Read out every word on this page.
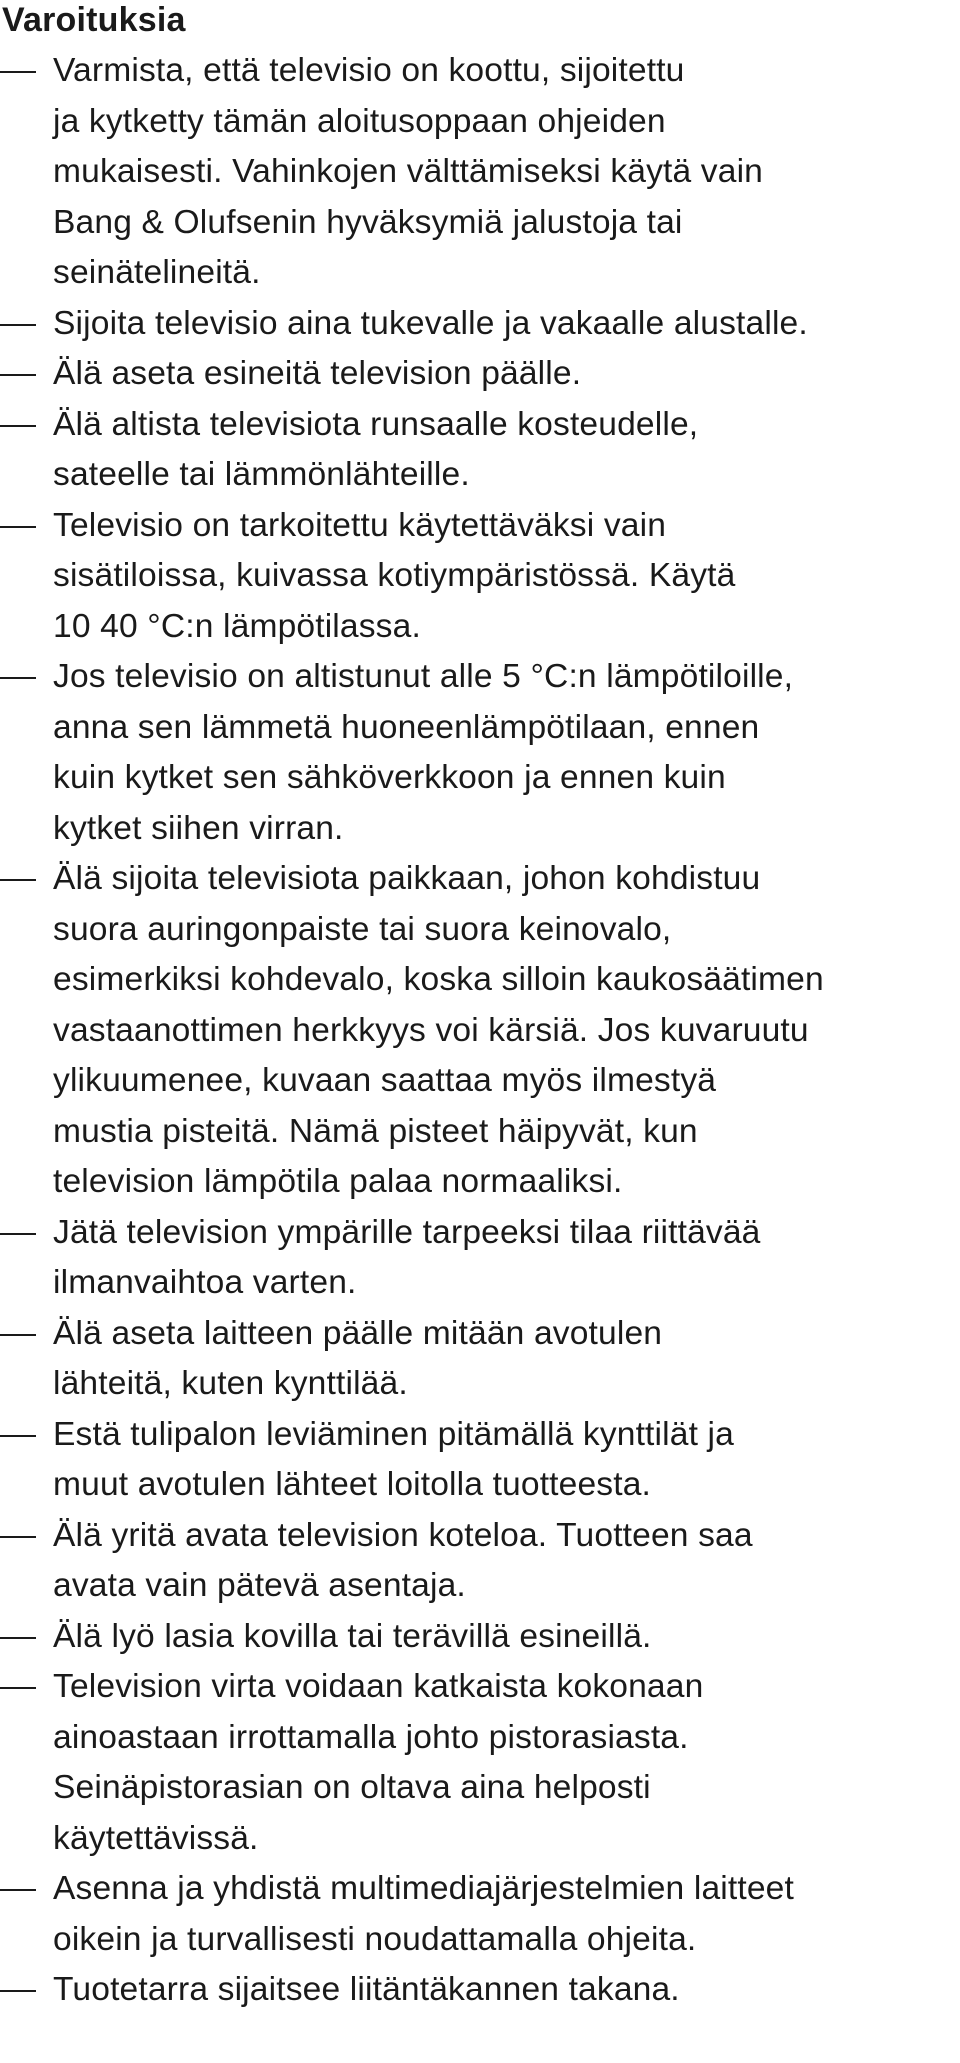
Varoituksia
Varmista, että televisio on koottu, sijoitettu
ja kytketty tämän aloitusoppaan ohjeiden
mukaisesti. Vahinkojen välttämiseksi käytä vain
Bang & Olufsenin hyväksymiä jalustoja tai
seinätelineitä.
Sijoita televisio aina tukevalle ja vakaalle alustalle.
Älä aseta esineitä television päälle.
Älä altista televisiota runsaalle kosteudelle,
sateelle tai lämmönlähteille.
Televisio on tarkoitettu käytettäväksi vain
sisätiloissa, kuivassa kotiympäristössä. Käytä
10 40 °C:n lämpötilassa.
Jos televisio on altistunut alle 5 °C:n lämpötiloille,
anna sen lämmetä huoneenlämpötilaan, ennen
kuin kytket sen sähköverkkoon ja ennen kuin
kytket siihen virran.
Älä sijoita televisiota paikkaan, johon kohdistuu
suora auringonpaiste tai suora keinovalo,
esimerkiksi kohdevalo, koska silloin kaukosäätimen
vastaanottimen herkkyys voi kärsiä. Jos kuvaruutu
ylikuumenee, kuvaan saattaa myös ilmestyä
mustia pisteitä. Nämä pisteet häipyvät, kun
television lämpötila palaa normaaliksi.
Jätä television ympärille tarpeeksi tilaa riittävää
ilmanvaihtoa varten.
Älä aseta laitteen päälle mitään avotulen
lähteitä, kuten kynttilää.
Estä tulipalon leviäminen pitämällä kynttilät ja
muut avotulen lähteet loitolla tuotteesta.
Älä yritä avata television koteloa. Tuotteen saa
avata vain pätevä asentaja.
Älä lyö lasia kovilla tai terävillä esineillä.
Television virta voidaan katkaista kokonaan
ainoastaan irrottamalla johto pistorasiasta.
Seinäpistorasian on oltava aina helposti
käytettävissä.
Asenna ja yhdistä multimediajärjestelmien laitteet
oikein ja turvallisesti noudattamalla ohjeita.
Tuotetarra sijaitsee liitäntäkannen takana.
